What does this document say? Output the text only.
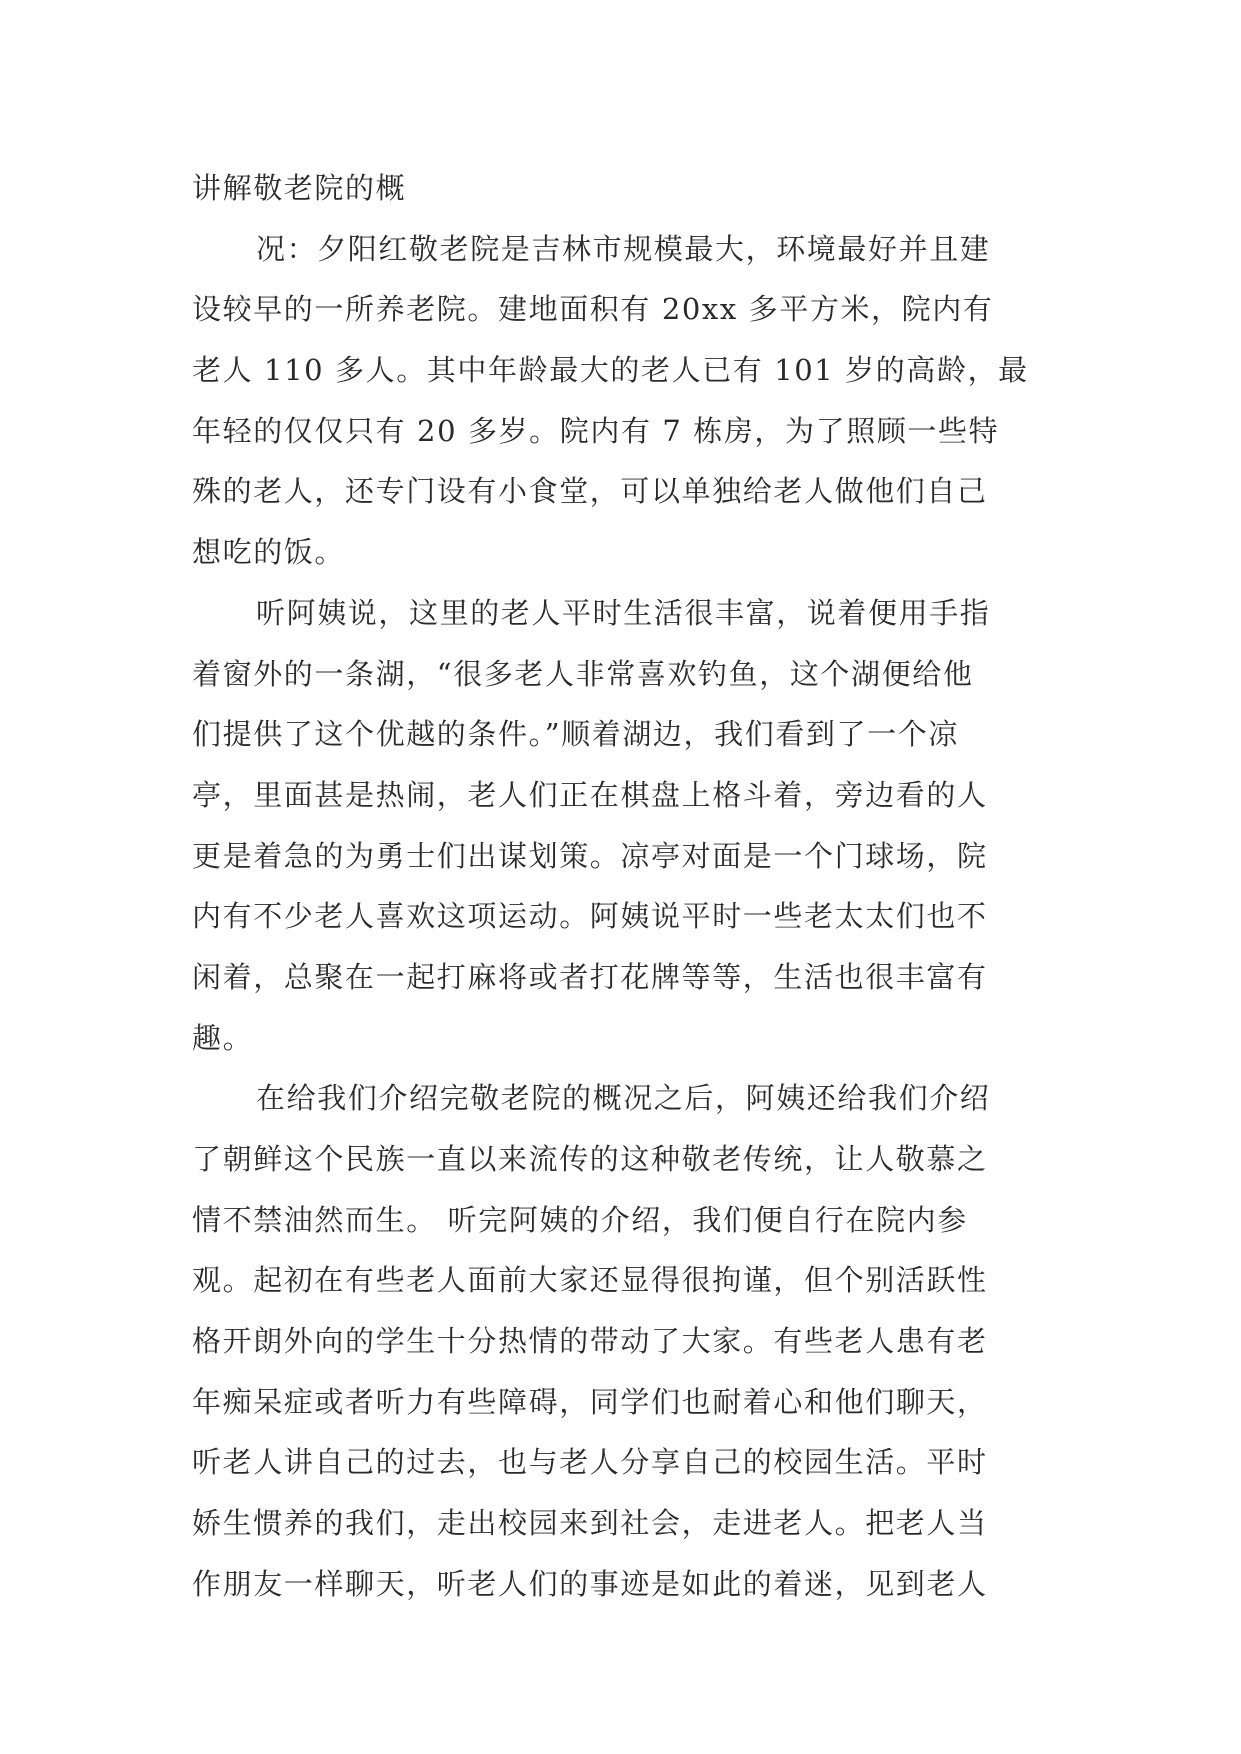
讲解敬老院的概
况：夕阳红敬老院是吉林市规模最大，环境最好并且建
设较早的一所养老院。建地面积有 20xx 多平方米，院内有
老人 110 多人。其中年龄最大的老人已有 101 岁的高龄，最
年轻的仅仅只有 20 多岁。院内有 7 栋房，为了照顾一些特
殊的老人，还专门设有小食堂，可以单独给老人做他们自己
想吃的饭。
听阿姨说，这里的老人平时生活很丰富，说着便用手指
着窗外的一条湖，“很多老人非常喜欢钓鱼，这个湖便给他
们提供了这个优越的条件。”顺着湖边，我们看到了一个凉
亭，里面甚是热闹，老人们正在棋盘上格斗着，旁边看的人
更是着急的为勇士们出谋划策。凉亭对面是一个门球场，院
内有不少老人喜欢这项运动。阿姨说平时一些老太太们也不
闲着，总聚在一起打麻将或者打花牌等等，生活也很丰富有
趣。
在给我们介绍完敬老院的概况之后，阿姨还给我们介绍
了朝鲜这个民族一直以来流传的这种敬老传统，让人敬慕之
情不禁油然而生。 听完阿姨的介绍，我们便自行在院内参
观。起初在有些老人面前大家还显得很拘谨，但个别活跃性
格开朗外向的学生十分热情的带动了大家。有些老人患有老
年痴呆症或者听力有些障碍，同学们也耐着心和他们聊天，
听老人讲自己的过去，也与老人分享自己的校园生活。平时
娇生惯养的我们，走出校园来到社会，走进老人。把老人当
作朋友一样聊天，听老人们的事迹是如此的着迷，见到老人
